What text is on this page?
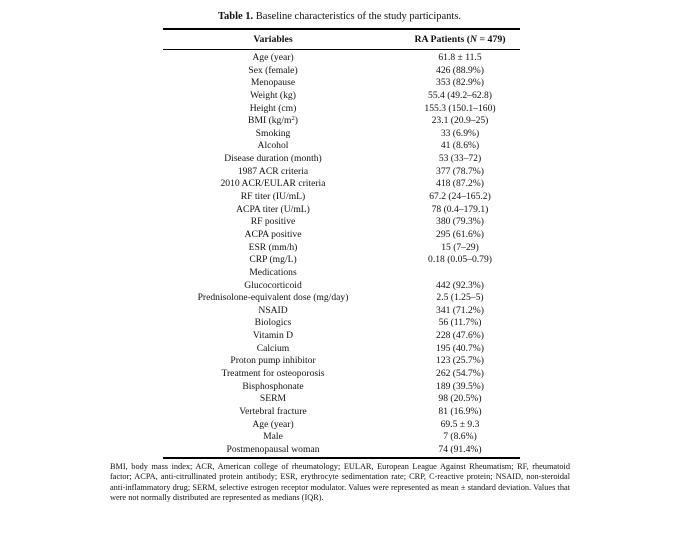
Table 1. Baseline characteristics of the study participants.
Variables	RA Patients (N = 479)
Age (year)	61.8 ± 11.5
Sex (female)	426 (88.9%)
Menopause	353 (82.9%)
Weight (kg)	55.4 (49.2–62.8)
Height (cm)	155.3 (150.1–160)
BMI $(kg/m^2)$	23.1 (20.9–25)
Smoking	33 (6.9%)
Alcohol	41 (8.6%)
Disease duration (month)	53 (33–72)
1987 ACR criteria	377 (78.7%)
2010 ACR/EULAR criteria	418 (87.2%)
RF titer (IU/mL)	67.2 (24–165.2)
ACPA titer (U/mL)	78 (0.4–179.1)
RF positive	380 (79.3%)
ACPA positive	295 (61.6%)
ESR (mm/h)	15 (7–29)
CRP (mg/L)	0.18 (0.05–0.79)
Medications
Glucocorticoid	442 (92.3%)
Prednisolone-equivalent dose (mg/day)	2.5 (1.25–5)
NSAID	341 (71.2%)
Biologics	56 (11.7%)
Vitamin D	228 (47.6%)
Calcium	195 (40.7%)
Proton pump inhibitor	123 (25.7%)
Treatment for osteoporosis	262 (54.7%)
Bisphosphonate	189 (39.5%)
SERM	98 (20.5%)
Vertebral fracture	81 (16.9%)
Age (year)	69.5 ± 9.3
Male	7 (8.6%)
Postmenopausal woman	74 (91.4%)
BMI, body mass index; ACR, American college of rheumatology; EULAR, European League Against Rheumatism; RF, rheumatoid factor; ACPA, anti-citrullinated protein antibody; ESR, erythrocyte sedimentation rate; CRP, C-reactive protein; NSAID, non-steroidal anti-inflammatory drug; SERM, selective estrogen receptor modulator. Values were represented as mean ± standard deviation. Values that were not normally distributed are represented as medians (IQR).
